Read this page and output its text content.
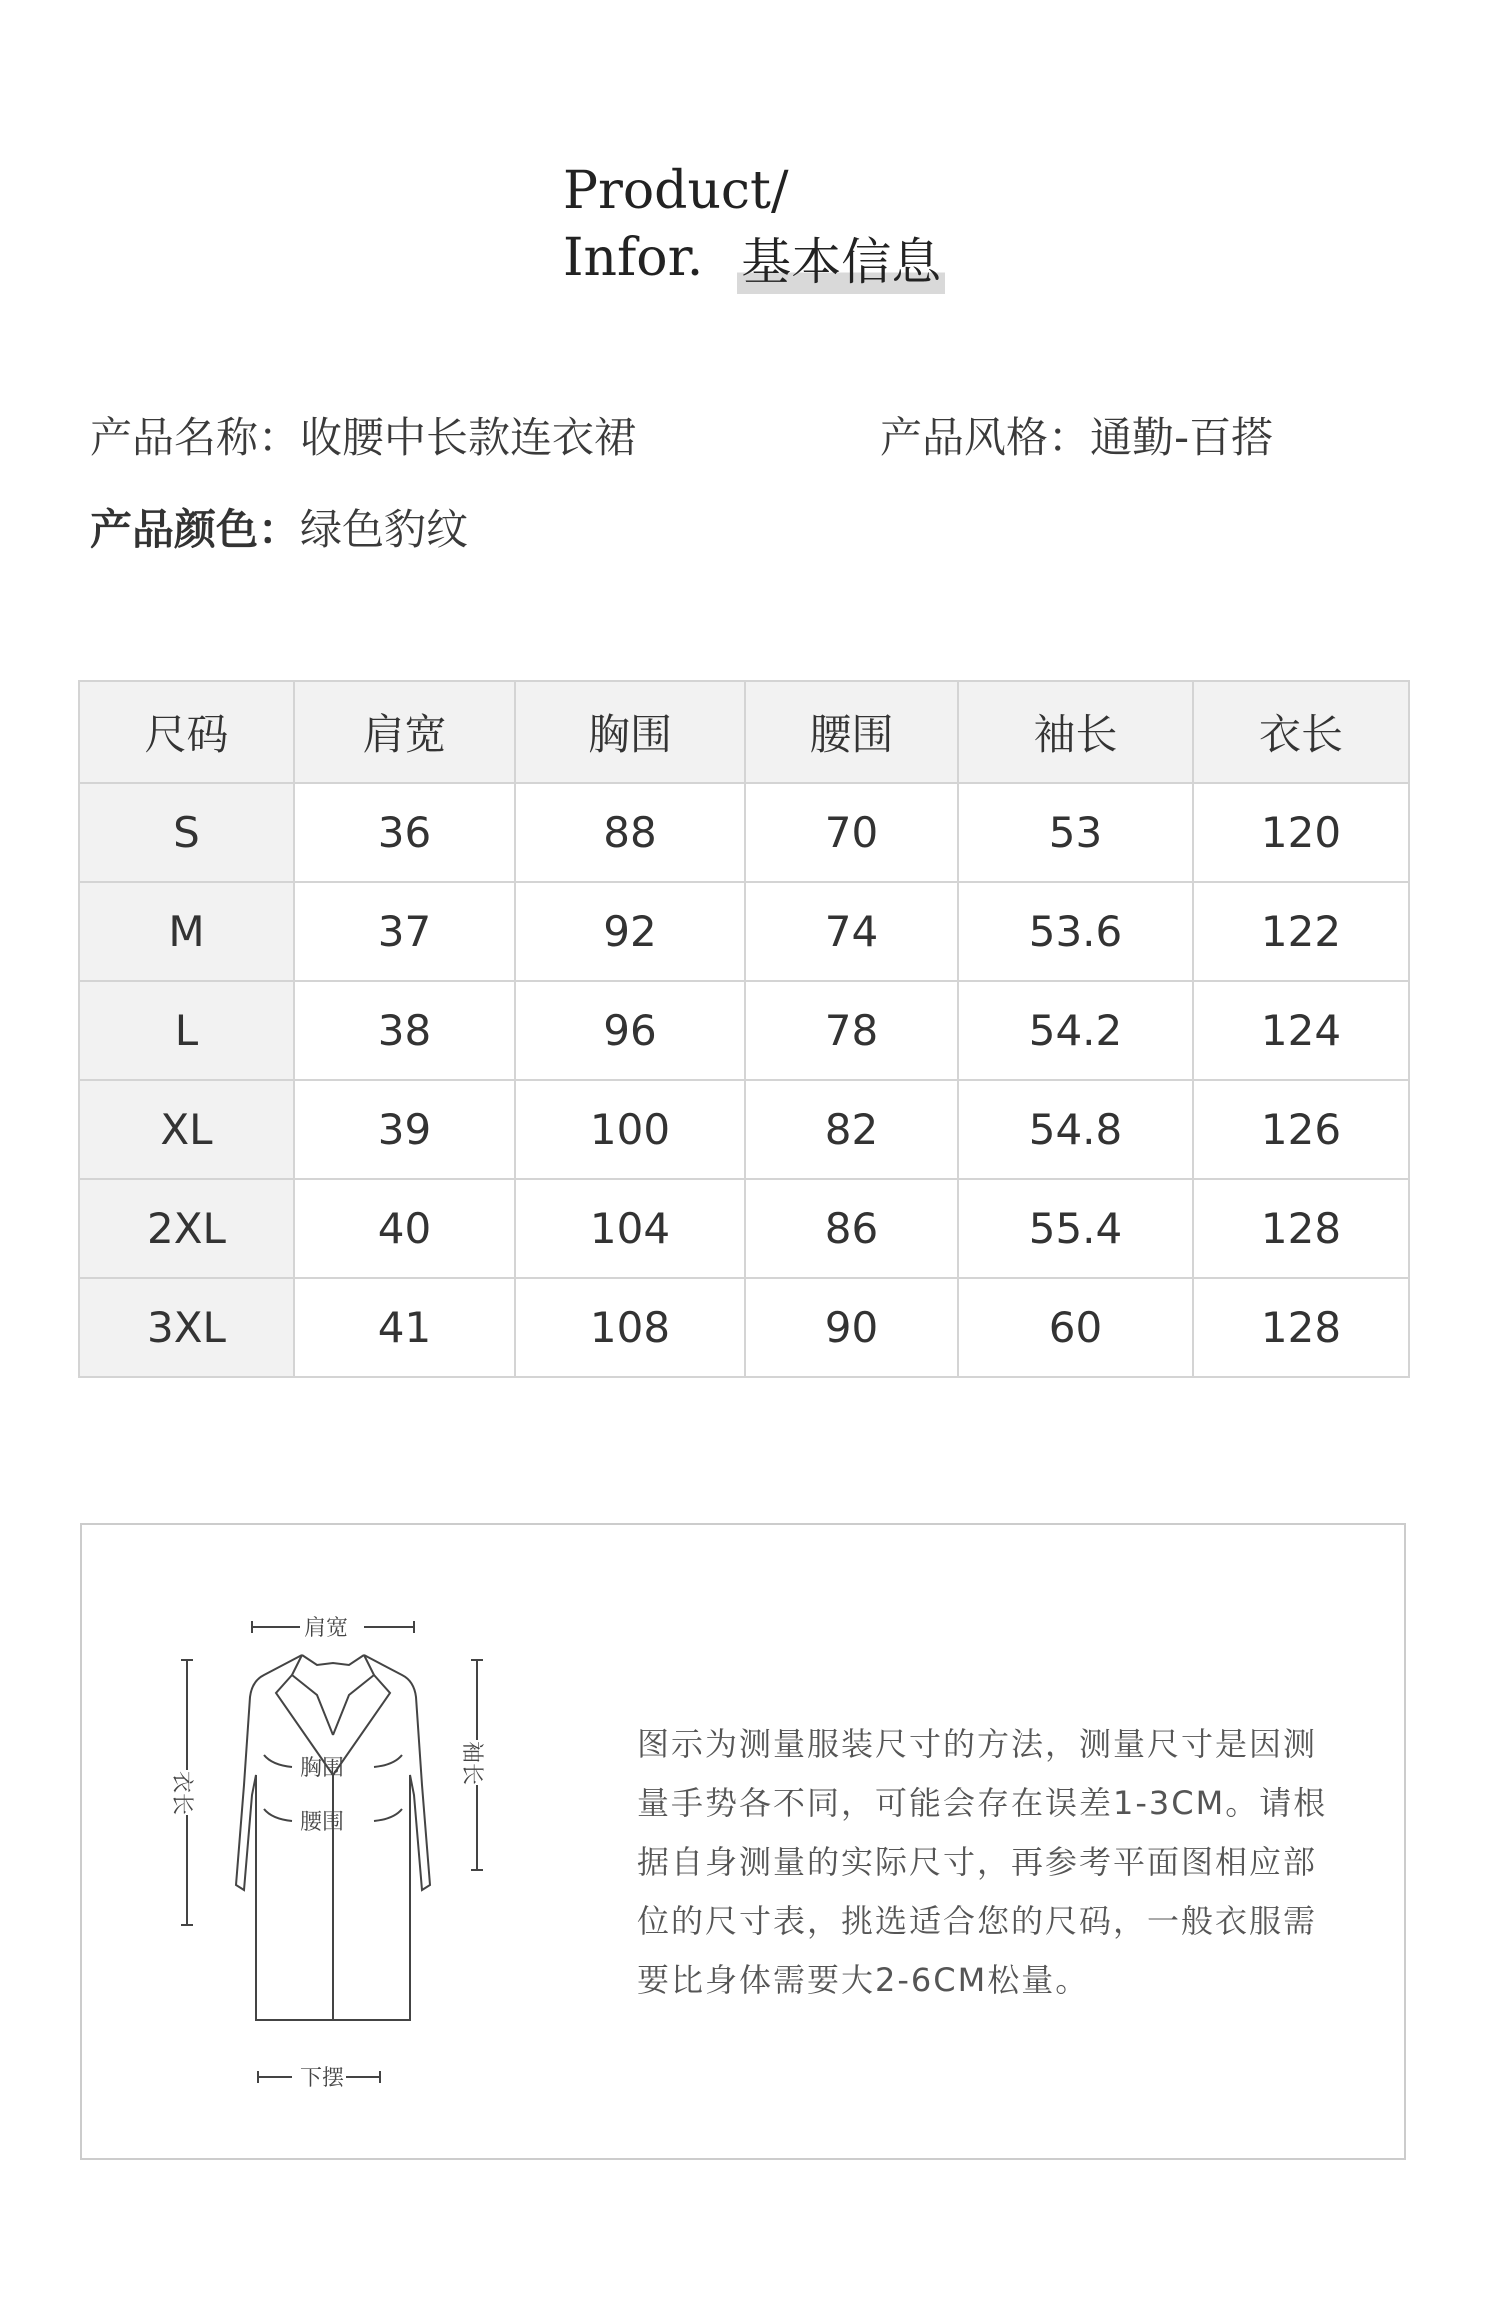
Product/
Infor. 基本信息
产品名称：收腰中长款连衣裙	产品风格：通勤-百搭
产品颜色：绿色豹纹
尺码	肩宽	胸围	腰围	袖长	衣长
S	36	88	70	53	120
M	37	92	74	53.6	122
L	38	96	78	54.2	124
XL	39	100	82	54.8	126
2XL	40	104	86	55.4	128
3XL	41	108	90	60	128
肩宽
胸围
腰围
下摆
衣长
袖长	图示为测量服装尺寸的方法，测量尺寸是因测量手势各不同，可能会存在误差1-3CM。请根据自身测量的实际尺寸，再参考平面图相应部位的尺寸表，挑选适合您的尺码，一般衣服需要比身体需要大2-6CM松量。
